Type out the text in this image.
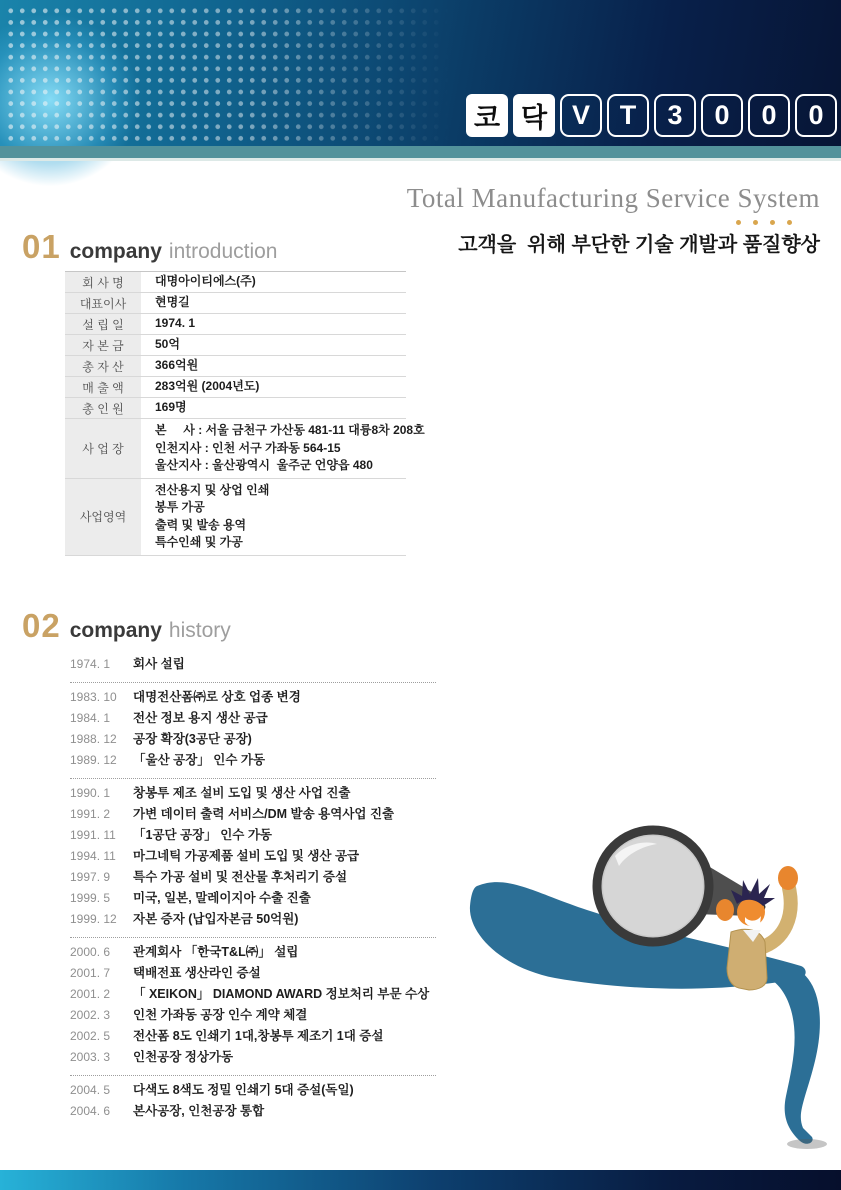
코 닥 V	T	3	0	0	0
Total Manufacturing Service System
고객을  위해 부단한 기술 개발과 품질향상
01 company introduction
회 사 명	대명아이티에스(주)
대표이사	현명길
설 립 일	1974. 1
자 본 금	50억
총 자 산	366억원
매 출 액	283억원 (2004년도)
총 인 원	169명
사 업 장
본     사 : 서울 금천구 가산동 481-11 대륭8차 208호
인천지사 : 인천 서구 가좌동 564-15
울산지사 : 울산광역시  울주군 언양읍 480
사업영역
전산용지 및 상업 인쇄
봉투 가공
출력 및 발송 용역
특수인쇄 및 가공
02 company history
1974. 1	회사 설립
1983. 10	대명전산폼㈜로 상호 업종 변경
1984. 1	전산 정보 용지 생산 공급
1988. 12	공장 확장(3공단 공장)
1989. 12	「울산 공장」 인수 가동
1990. 1	창봉투 제조 설비 도입 및 생산 사업 진출
1991. 2	가변 데이터 출력 서비스/DM 발송 용역사업 진출
1991. 11	「1공단 공장」 인수 가동
1994. 11	마그네틱 가공제품 설비 도입 및 생산 공급
1997. 9	특수 가공 설비 및 전산물 후처리기 증설
1999. 5	미국, 일본, 말레이지아 수출 진출
1999. 12	자본 증자 (납입자본금 50억원)
2000. 6	관계회사 「한국T&L㈜」 설립
2001. 7	택배전표 생산라인 증설
2001. 2	「 XEIKON」 DIAMOND AWARD 정보처리 부문 수상
2002. 3	인천 가좌동 공장 인수 계약 체결
2002. 5	전산폼 8도 인쇄기 1대,창봉투 제조기 1대 증설
2003. 3	인천공장 정상가동
2004. 5	다색도 8색도 정밀 인쇄기 5대 증설(독일)
2004. 6	본사공장, 인천공장 통합
